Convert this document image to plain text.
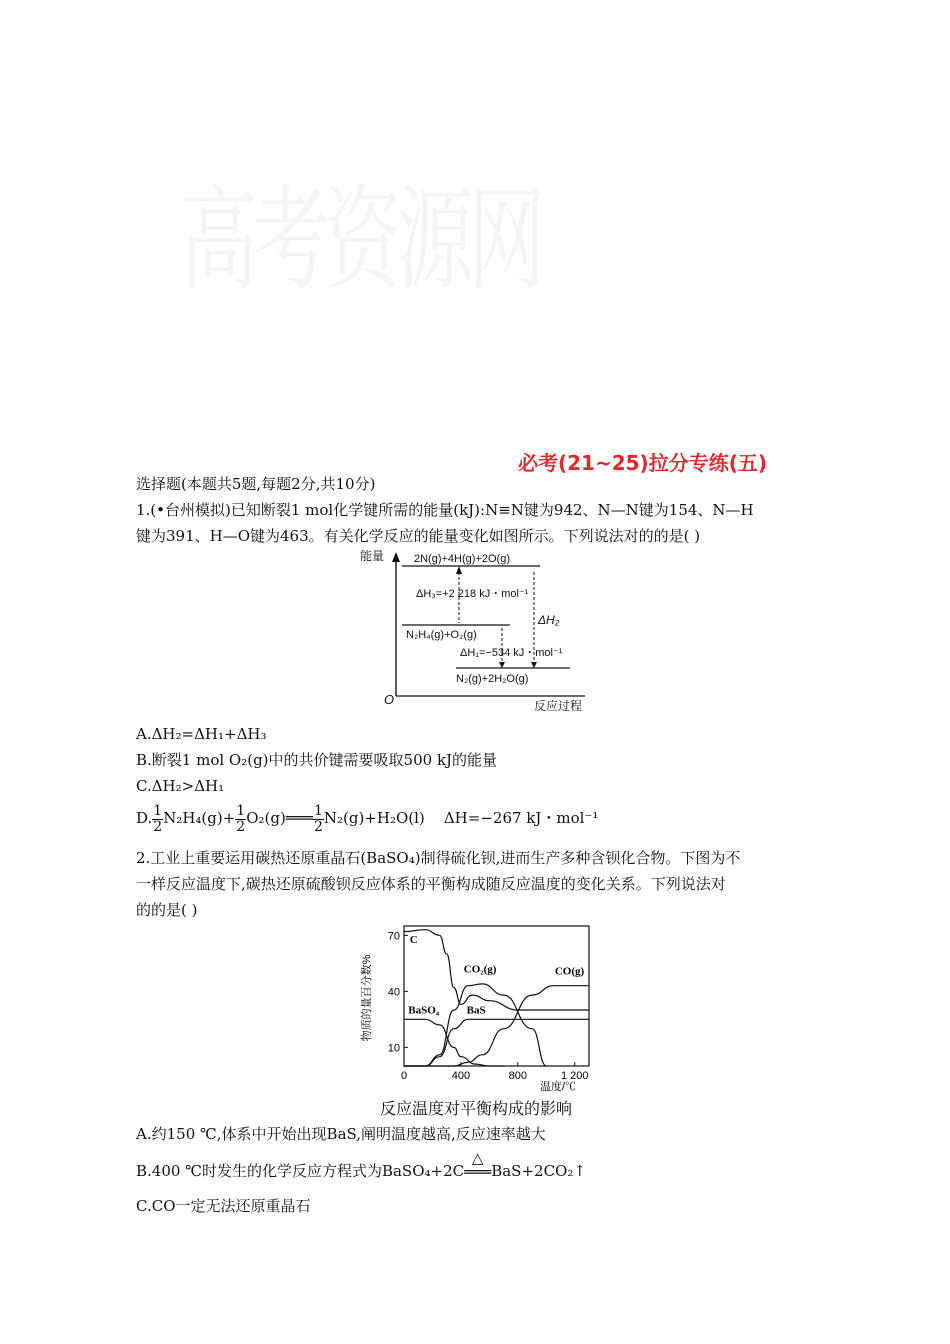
必考(21~25)拉分专练(五)
选择题(本题共5题,每题2分,共10分)
1.(•台州模拟)已知断裂1 mol化学键所需的能量(kJ):N≡N键为942、N—N键为154、N—H
键为391、H—O键为463。有关化学反应的能量变化如图所示。下列说法对的的是( )
能量
O	反应过程
2N(g)+4H(g)+2O(g)
N₂H₄(g)+O₂(g)
N₂(g)+2H₂O(g)
ΔH₃=+2 218 kJ・mol⁻¹
ΔH₂
ΔH₁=−534 kJ・mol⁻¹
A.ΔH₂=ΔH₁+ΔH₃
B.断裂1 mol O₂(g)中的共价键需要吸取500 kJ的能量
C.ΔH₂>ΔH₁
D. $\frac{1}{2} N_2H_4(g)+ \frac{1}{2}$ O₂(g)═══ $\frac{1}{2} N_2(g)+H_2O(l)$ ΔH=−267 kJ・mol⁻¹
2.工业上重要运用碳热还原重晶石(BaSO₄)制得硫化钡,进而生产多种含钡化合物。下图为不
一样反应温度下,碳热还原硫酸钡反应体系的平衡构成随反应温度的变化关系。下列说法对
的的是( )
物质的量百分数%
温度/℃
0	400	800	1 200
10
40
70 C
CO₂(g)	CO(g)
BaSO₄	BaS
反应温度对平衡构成的影响
A.约150 ℃,体系中开始出现BaS,阐明温度越高,反应速率越大
B.400 ℃时发生的化学反应方程式为BaSO₄+2C
△
═══BaS+2CO₂↑
C.CO一定无法还原重晶石
